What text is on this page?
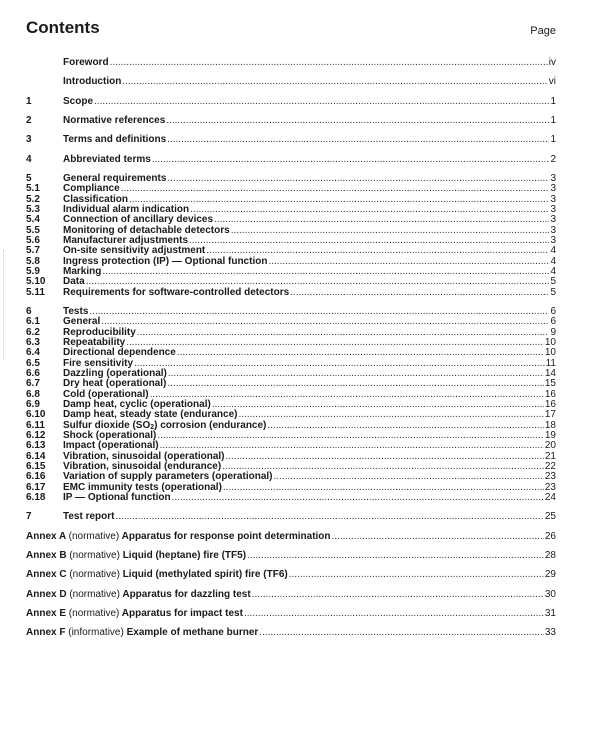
Contents	Page
Foreword .....	iv
Introduction .....	vi
1	Scope .....	1
2	Normative references .....	1
3	Terms and definitions .....	1
4	Abbreviated terms .....	2
5	General requirements .....	3
5.1	Compliance .....	3
5.2	Classification .....	3
5.3	Individual alarm indication .....	3
5.4	Connection of ancillary devices .....	3
5.5	Monitoring of detachable detectors .....	3
5.6	Manufacturer adjustments .....	3
5.7	On-site sensitivity adjustment .....	4
5.8	Ingress protection (IP) — Optional function .....	4
5.9	Marking .....	4
5.10	Data .....	5
5.11	Requirements for software-controlled detectors .....	5
6	Tests .....	6
6.1	General .....	6
6.2	Reproducibility .....	9
6.3	Repeatability .....	10
6.4	Directional dependence .....	10
6.5	Fire sensitivity .....	11
6.6	Dazzling (operational) .....	14
6.7	Dry heat (operational) .....	15
6.8	Cold (operational) .....	16
6.9	Damp heat, cyclic (operational) .....	16
6.10	Damp heat, steady state (endurance) .....	17
6.11	Sulfur dioxide (SO2) corrosion (endurance) .....	18
6.12	Shock (operational) .....	19
6.13	Impact (operational) .....	20
6.14	Vibration, sinusoidal (operational) .....	21
6.15	Vibration, sinusoidal (endurance) .....	22
6.16	Variation of supply parameters (operational) .....	23
6.17	EMC immunity tests (operational) .....	23
6.18	IP — Optional function .....	24
7	Test report .....	25
Annex A (normative) Apparatus for response point determination .....	26
Annex B (normative) Liquid (heptane) fire (TF5) .....	28
Annex C (normative) Liquid (methylated spirit) fire (TF6) .....	29
Annex D (normative) Apparatus for dazzling test .....	30
Annex E (normative) Apparatus for impact test .....	31
Annex F (informative) Example of methane burner .....	33
